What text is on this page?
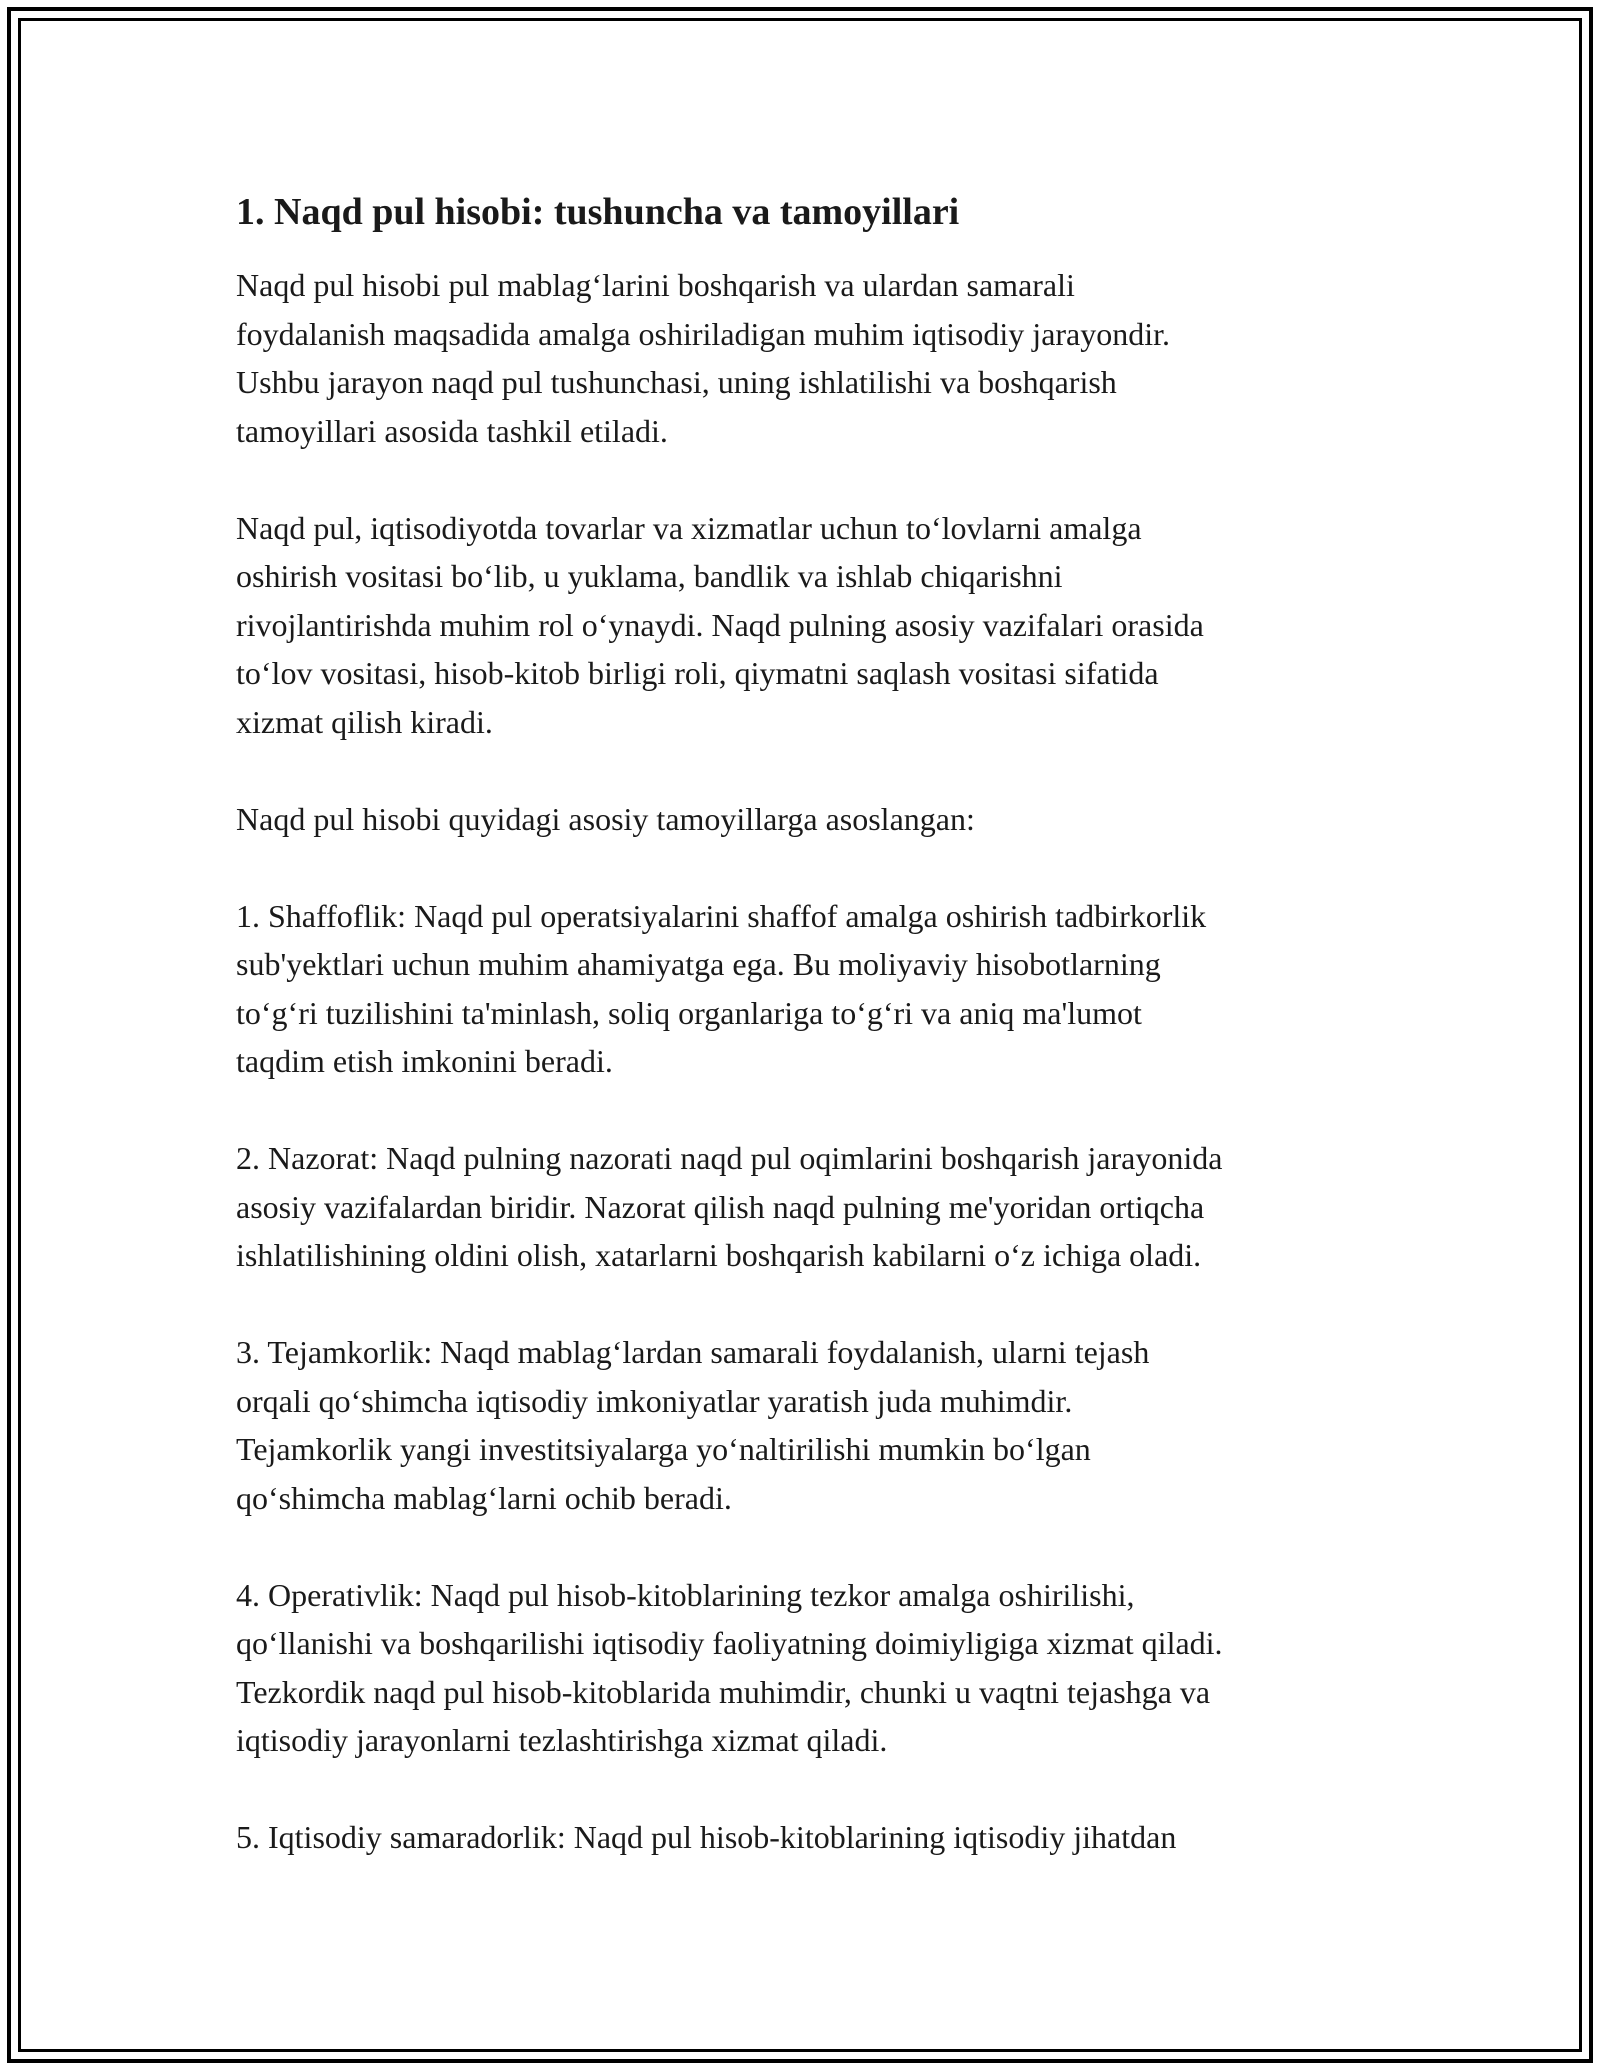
1. Naqd pul hisobi: tushuncha va tamoyillari
Naqd pul hisobi pul mablag‘larini boshqarish va ulardan samarali
foydalanish maqsadida amalga oshiriladigan muhim iqtisodiy jarayondir.
Ushbu jarayon naqd pul tushunchasi, uning ishlatilishi va boshqarish
tamoyillari asosida tashkil etiladi.
Naqd pul, iqtisodiyotda tovarlar va xizmatlar uchun to‘lovlarni amalga
oshirish vositasi bo‘lib, u yuklama, bandlik va ishlab chiqarishni
rivojlantirishda muhim rol o‘ynaydi. Naqd pulning asosiy vazifalari orasida
to‘lov vositasi, hisob-kitob birligi roli, qiymatni saqlash vositasi sifatida
xizmat qilish kiradi.
Naqd pul hisobi quyidagi asosiy tamoyillarga asoslangan:
1. Shaffoflik: Naqd pul operatsiyalarini shaffof amalga oshirish tadbirkorlik
sub'yektlari uchun muhim ahamiyatga ega. Bu moliyaviy hisobotlarning
to‘g‘ri tuzilishini ta'minlash, soliq organlariga to‘g‘ri va aniq ma'lumot
taqdim etish imkonini beradi.
2. Nazorat: Naqd pulning nazorati naqd pul oqimlarini boshqarish jarayonida
asosiy vazifalardan biridir. Nazorat qilish naqd pulning me'yoridan ortiqcha
ishlatilishining oldini olish, xatarlarni boshqarish kabilarni o‘z ichiga oladi.
3. Tejamkorlik: Naqd mablag‘lardan samarali foydalanish, ularni tejash
orqali qo‘shimcha iqtisodiy imkoniyatlar yaratish juda muhimdir.
Tejamkorlik yangi investitsiyalarga yo‘naltirilishi mumkin bo‘lgan
qo‘shimcha mablag‘larni ochib beradi.
4. Operativlik: Naqd pul hisob-kitoblarining tezkor amalga oshirilishi,
qo‘llanishi va boshqarilishi iqtisodiy faoliyatning doimiyligiga xizmat qiladi.
Tezkordik naqd pul hisob-kitoblarida muhimdir, chunki u vaqtni tejashga va
iqtisodiy jarayonlarni tezlashtirishga xizmat qiladi.
5. Iqtisodiy samaradorlik: Naqd pul hisob-kitoblarining iqtisodiy jihatdan
